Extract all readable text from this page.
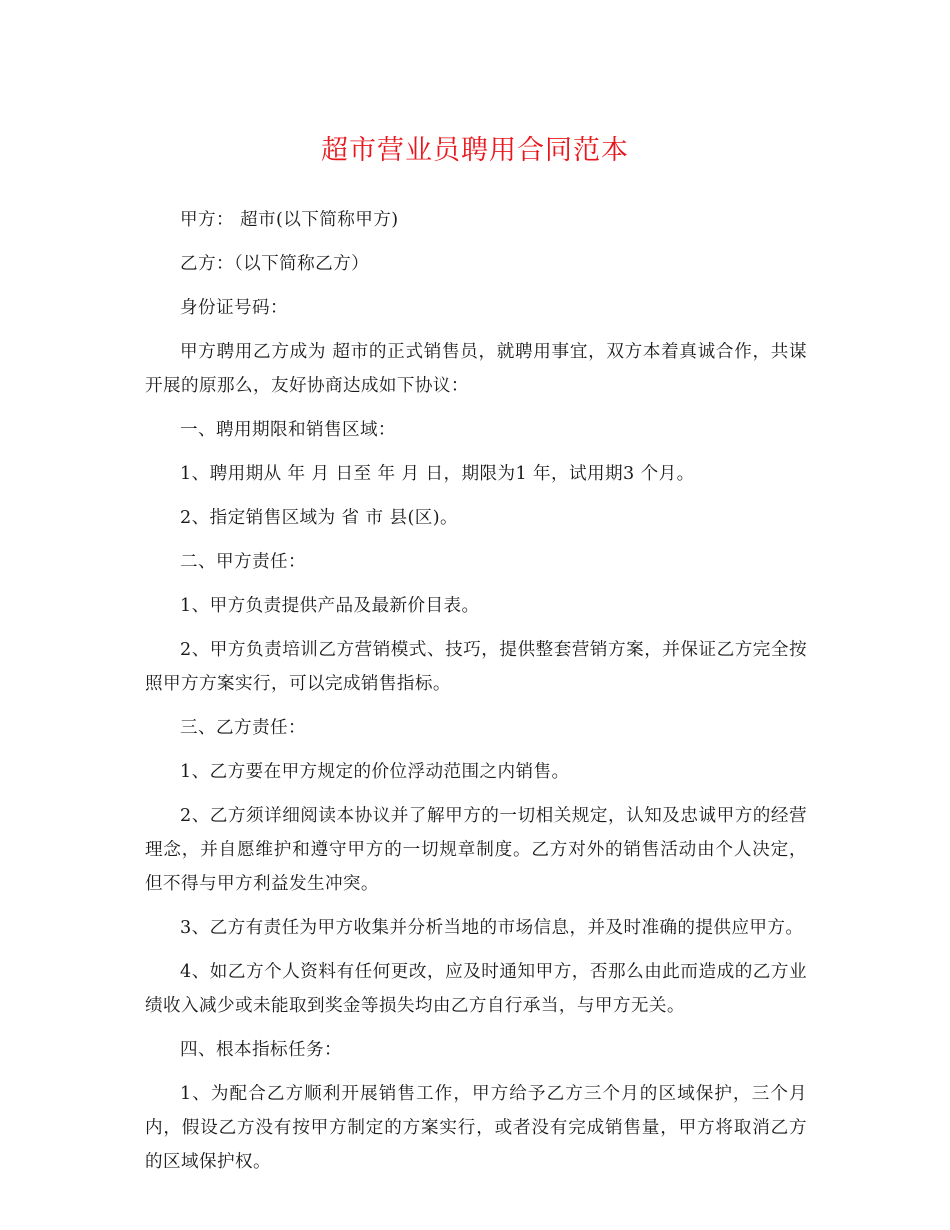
超市营业员聘用合同范本

甲方： 超市(以下简称甲方)

乙方：（以下简称乙方）

身份证号码：

甲方聘用乙方成为 超市的正式销售员，就聘用事宜，双方本着真诚合作，共谋开展的原那么，友好协商达成如下协议：

一、聘用期限和销售区域：

1、聘用期从 年 月 日至 年 月 日，期限为1 年，试用期3 个月。

2、指定销售区域为 省 市 县(区)。

二、甲方责任：

1、甲方负责提供产品及最新价目表。

2、甲方负责培训乙方营销模式、技巧，提供整套营销方案，并保证乙方完全按照甲方方案实行，可以完成销售指标。

三、乙方责任：

1、乙方要在甲方规定的价位浮动范围之内销售。

2、乙方须详细阅读本协议并了解甲方的一切相关规定，认知及忠诚甲方的经营理念，并自愿维护和遵守甲方的一切规章制度。乙方对外的销售活动由个人决定，但不得与甲方利益发生冲突。

3、乙方有责任为甲方收集并分析当地的市场信息，并及时准确的提供应甲方。

4、如乙方个人资料有任何更改，应及时通知甲方，否那么由此而造成的乙方业绩收入减少或未能取到奖金等损失均由乙方自行承当，与甲方无关。

四、根本指标任务：

1、为配合乙方顺利开展销售工作，甲方给予乙方三个月的区域保护，三个月内，假设乙方没有按甲方制定的方案实行，或者没有完成销售量，甲方将取消乙方的区域保护权。
